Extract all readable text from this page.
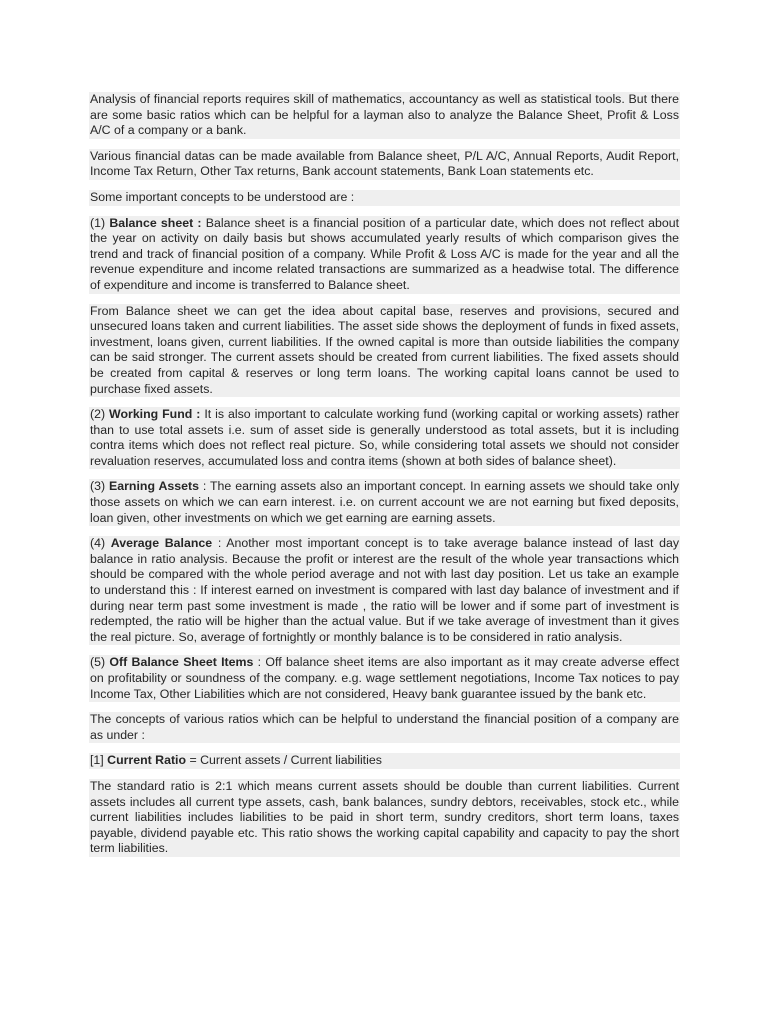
Analysis of financial reports requires skill of mathematics, accountancy as well as statistical tools. But there are some basic ratios which can be helpful for a layman also to analyze the Balance Sheet, Profit & Loss A/C of a company or a bank.

Various financial datas can be made available from Balance sheet, P/L A/C, Annual Reports, Audit Report, Income Tax Return, Other Tax returns, Bank account statements, Bank Loan statements etc.

Some important concepts to be understood are :

(1) Balance sheet : Balance sheet is a financial position of a particular date, which does not reflect about the year on activity on daily basis but shows accumulated yearly results of which comparison gives the trend and track of financial position of a company. While Profit & Loss A/C is made for the year and all the revenue expenditure and income related transactions are summarized as a headwise total. The difference of expenditure and income is transferred to Balance sheet.

From Balance sheet we can get the idea about capital base, reserves and provisions, secured and unsecured loans taken and current liabilities. The asset side shows the deployment of funds in fixed assets, investment, loans given, current liabilities. If the owned capital is more than outside liabilities the company can be said stronger. The current assets should be created from current liabilities. The fixed assets should be created from capital & reserves or long term loans. The working capital loans cannot be used to purchase fixed assets.

(2) Working Fund : It is also important to calculate working fund (working capital or working assets) rather than to use total assets i.e. sum of asset side is generally understood as total assets, but it is including contra items which does not reflect real picture. So, while considering total assets we should not consider revaluation reserves, accumulated loss and contra items (shown at both sides of balance sheet).

(3) Earning Assets : The earning assets also an important concept. In earning assets we should take only those assets on which we can earn interest. i.e. on current account we are not earning but fixed deposits, loan given, other investments on which we get earning are earning assets.

(4) Average Balance : Another most important concept is to take average balance instead of last day balance in ratio analysis. Because the profit or interest are the result of the whole year transactions which should be compared with the whole period average and not with last day position. Let us take an example to understand this : If interest earned on investment is compared with last day balance of investment and if during near term past some investment is made , the ratio will be lower and if some part of investment is redempted, the ratio will be higher than the actual value. But if we take average of investment than it gives the real picture. So, average of fortnightly or monthly balance is to be considered in ratio analysis.

(5) Off Balance Sheet Items : Off balance sheet items are also important as it may create adverse effect on profitability or soundness of the company. e.g. wage settlement negotiations, Income Tax notices to pay Income Tax, Other Liabilities which are not considered, Heavy bank guarantee issued by the bank etc.

The concepts of various ratios which can be helpful to understand the financial position of a company are as under :

[1] Current Ratio = Current assets / Current liabilities

The standard ratio is 2:1 which means current assets should be double than current liabilities. Current assets includes all current type assets, cash, bank balances, sundry debtors, receivables, stock etc., while current liabilities includes liabilities to be paid in short term, sundry creditors, short term loans, taxes payable, dividend payable etc. This ratio shows the working capital capability and capacity to pay the short term liabilities.
